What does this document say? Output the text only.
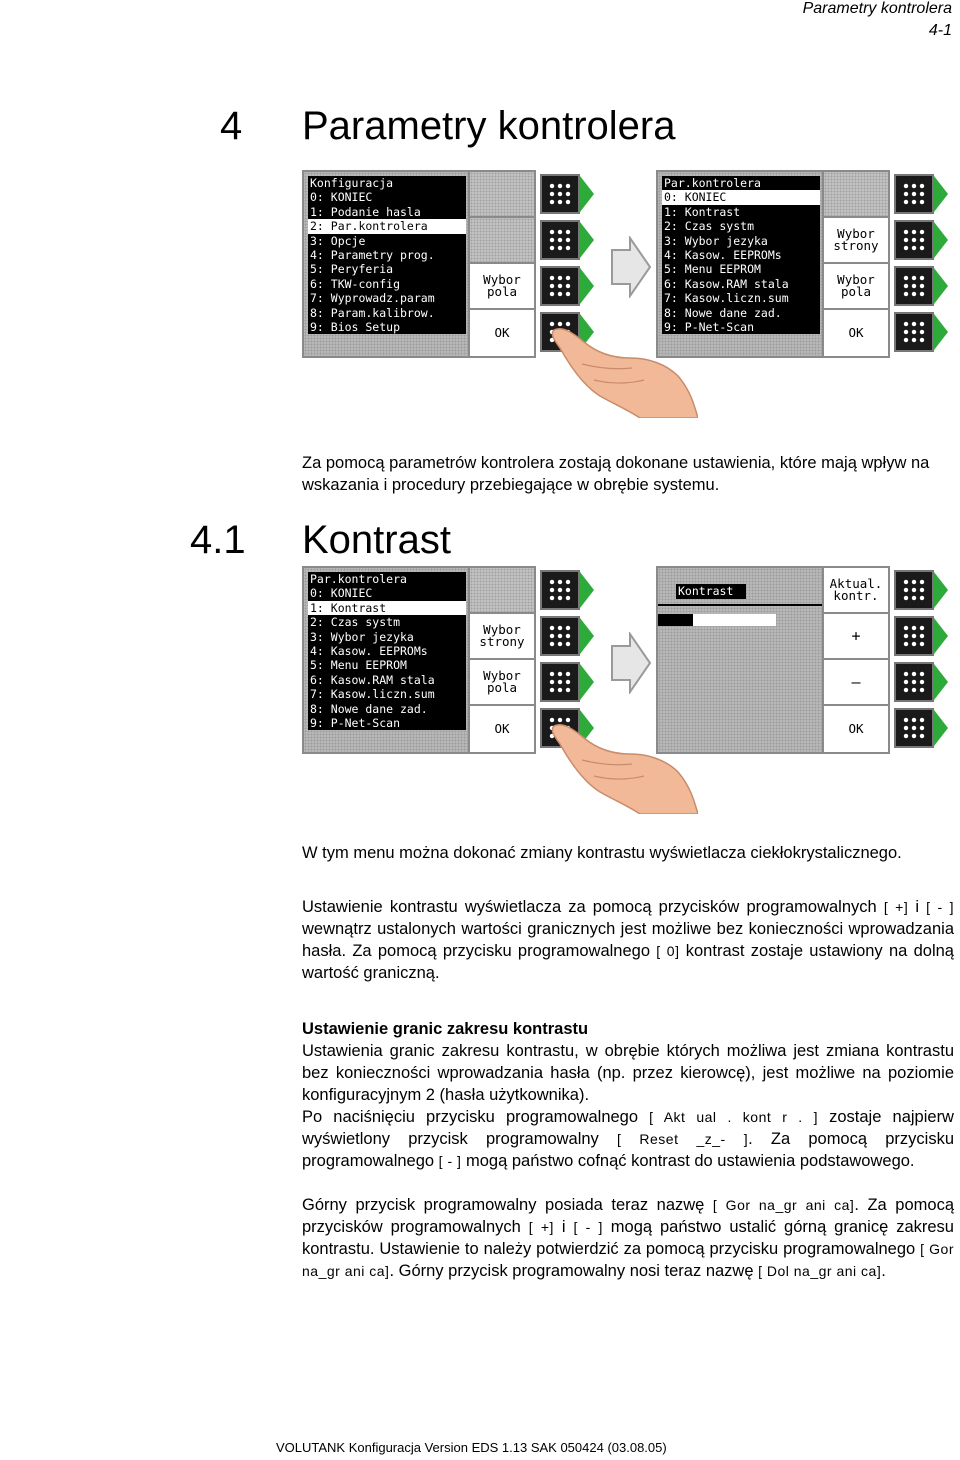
Parametry kontrolera
4-1
4 Parametry kontrolera
Konfiguracja
0: KONIEC
1: Podanie hasla
2: Par.kontrolera
3: Opcje
4: Parametry prog.
5: Peryferia
6: TKW-config
7: Wyprowadz.param
8: Param.kalibrow.
9: Bios Setup
Wybor pola
OK
Par.kontrolera
0: KONIEC
1: Kontrast
2: Czas systm
3: Wybor jezyka
4: Kasow. EEPROMs
5: Menu EEPROM
6: Kasow.RAM stala
7: Kasow.liczn.sum
8: Nowe dane zad.
9: P-Net-Scan
Wybor strony
Wybor pola
OK
Za pomocą parametrów kontrolera zostają dokonane ustawienia, które mają wpływ na wskazania i procedury przebiegające w obrębie systemu.
4.1 Kontrast
Par.kontrolera
0: KONIEC
1: Kontrast
2: Czas systm
3: Wybor jezyka
4: Kasow. EEPROMs
5: Menu EEPROM
6: Kasow.RAM stala
7: Kasow.liczn.sum
8: Nowe dane zad.
9: P-Net-Scan
Wybor strony
Wybor pola
OK
Kontrast	Aktual. kontr.
+
–
OK
W tym menu można dokonać zmiany kontrastu wyświetlacza ciekłokrystalicznego.
Ustawienie kontrastu wyświetlacza za pomocą przycisków programowalnych [ +] i [ - ] wewnątrz ustalonych wartości granicznych jest możliwe bez konieczności wprowadzania hasła. Za pomocą przycisku programowalnego [ 0] kontrast zostaje ustawiony na dolną wartość graniczną.
Ustawienie granic zakresu kontrastu
Ustawienia granic zakresu kontrastu, w obrębie których możliwa jest zmiana kontrastu bez konieczności wprowadzania hasła (np. przez kierowcę), jest możliwe na poziomie konfiguracyjnym 2 (hasła użytkownika).
Po naciśnięciu przycisku programowalnego [ Akt ual . kont r . ] zostaje najpierw wyświetlony przycisk programowalny [ Reset _z_- ]. Za pomocą przycisku programowalnego [ - ] mogą państwo cofnąć kontrast do ustawienia podstawowego.
Górny przycisk programowalny posiada teraz nazwę [ Gor na_gr ani ca]. Za pomocą przycisków programowalnych [ +] i [ - ] mogą państwo ustalić górną granicę zakresu kontrastu. Ustawienie to należy potwierdzić za pomocą przycisku programowalnego [ Gor na_gr ani ca]. Górny przycisk programowalny nosi teraz nazwę [ Dol na_gr ani ca].
VOLUTANK Konfiguracja Version EDS 1.13 SAK 050424 (03.08.05)
